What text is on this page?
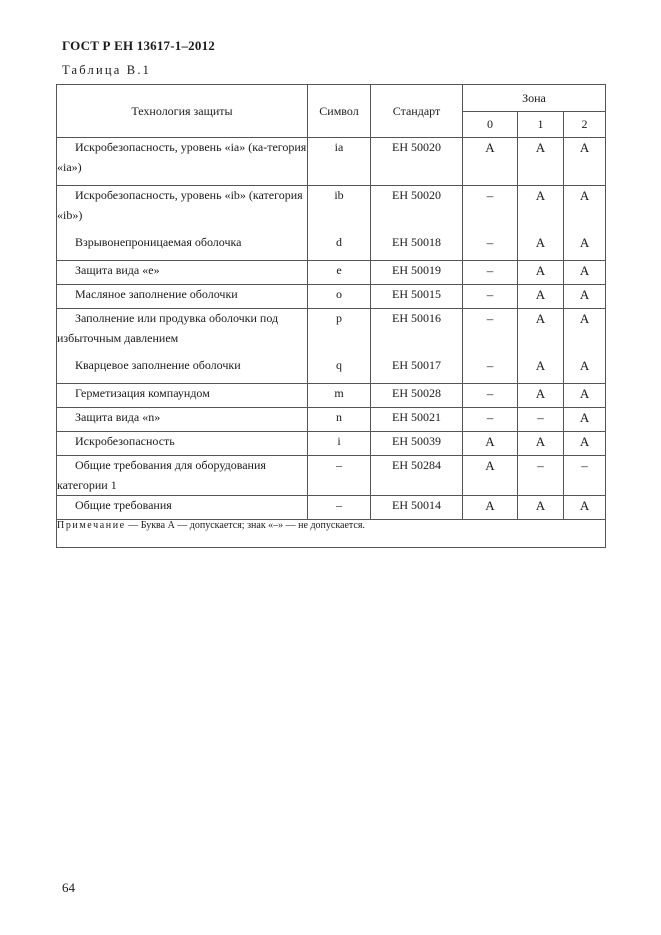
ГОСТ Р ЕН 13617-1–2012
Таблица В.1
Технология защиты	Символ	Стандарт	Зона		
			0	1	2
Искробезопасность, уровень «ia» (ка-тегория «ia»)	ia	ЕН 50020	A	A	A
Искробезопасность, уровень «ib» (категория «ib»)	ib	ЕН 50020	–	A	A
Взрывонепроницаемая оболочка	d	ЕН 50018	–	A	A
Защита вида «e»	e	ЕН 50019	–	A	A
Масляное заполнение оболочки	o	ЕН 50015	–	A	A
Заполнение или продувка оболочки под избыточным давлением	p	ЕН 50016	–	A	A
Кварцевое заполнение оболочки	q	ЕН 50017	–	A	A
Герметизация компаундом	m	ЕН 50028	–	A	A
Защита вида «n»	n	ЕН 50021	–	–	A
Искробезопасность	i	ЕН 50039	A	A	A
Общие требования для оборудования категории 1	–	ЕН 50284	A	–	–
Общие требования	–	ЕН 50014	A	A	A
Примечание — Буква А — допускается; знак «–» — не допускается.					
64
